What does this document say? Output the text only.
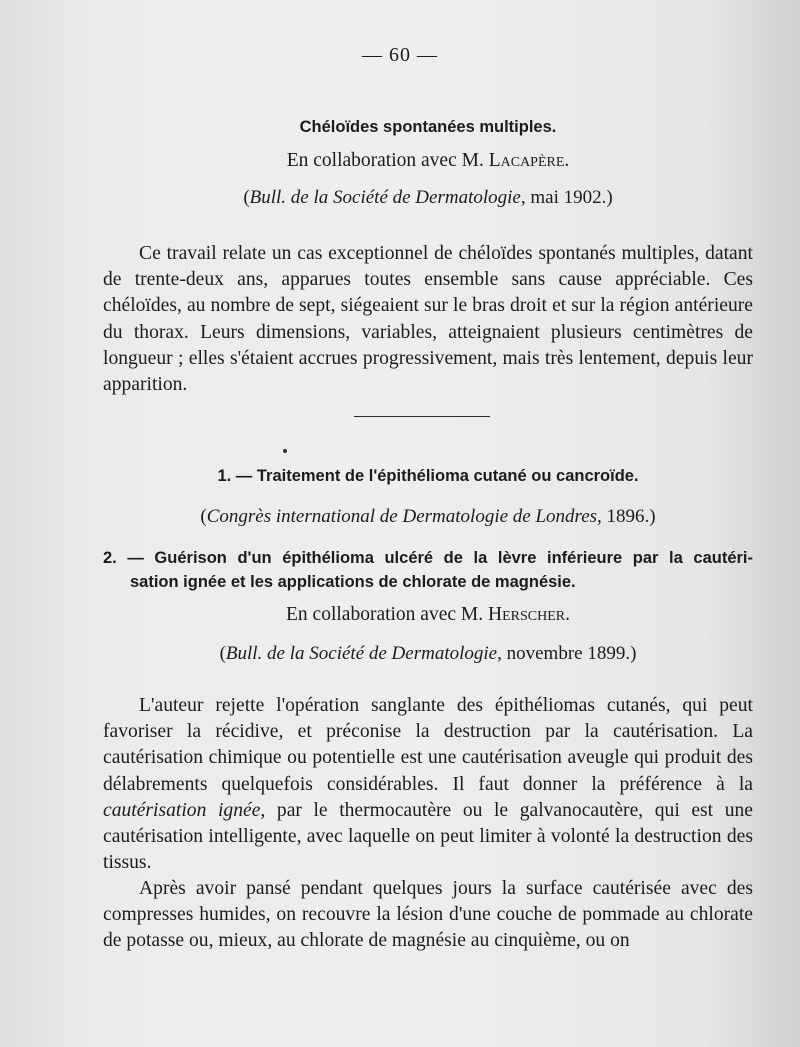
— 60 —
Chéloïdes spontanées multiples.
En collaboration avec M. Lacapère.
(Bull. de la Société de Dermatologie, mai 1902.)
Ce travail relate un cas exceptionnel de chéloïdes spontanés multiples, datant de trente-deux ans, apparues toutes ensemble sans cause appréciable. Ces chéloïdes, au nombre de sept, siégeaient sur le bras droit et sur la région antérieure du thorax. Leurs dimensions, variables, atteignaient plusieurs centimètres de longueur ; elles s'étaient accrues progressivement, mais très lentement, depuis leur apparition.
1. — Traitement de l'épithélioma cutané ou cancroïde.
(Congrès international de Dermatologie de Londres, 1896.)
2. — Guérison d'un épithélioma ulcéré de la lèvre inférieure par la cautéri-
sation ignée et les applications de chlorate de magnésie.
En collaboration avec M. Herscher.
(Bull. de la Société de Dermatologie, novembre 1899.)
L'auteur rejette l'opération sanglante des épithéliomas cutanés, qui peut favoriser la récidive, et préconise la destruction par la cautérisation. La cautérisation chimique ou potentielle est une cautérisation aveugle qui produit des délabrements quelquefois considérables. Il faut donner la préférence à la cautérisation ignée, par le thermocautère ou le galvanocautère, qui est une cautérisation intelligente, avec laquelle on peut limiter à volonté la destruction des tissus.
Après avoir pansé pendant quelques jours la surface cautérisée avec des compresses humides, on recouvre la lésion d'une couche de pommade au chlorate de potasse ou, mieux, au chlorate de magnésie au cinquième, ou on
